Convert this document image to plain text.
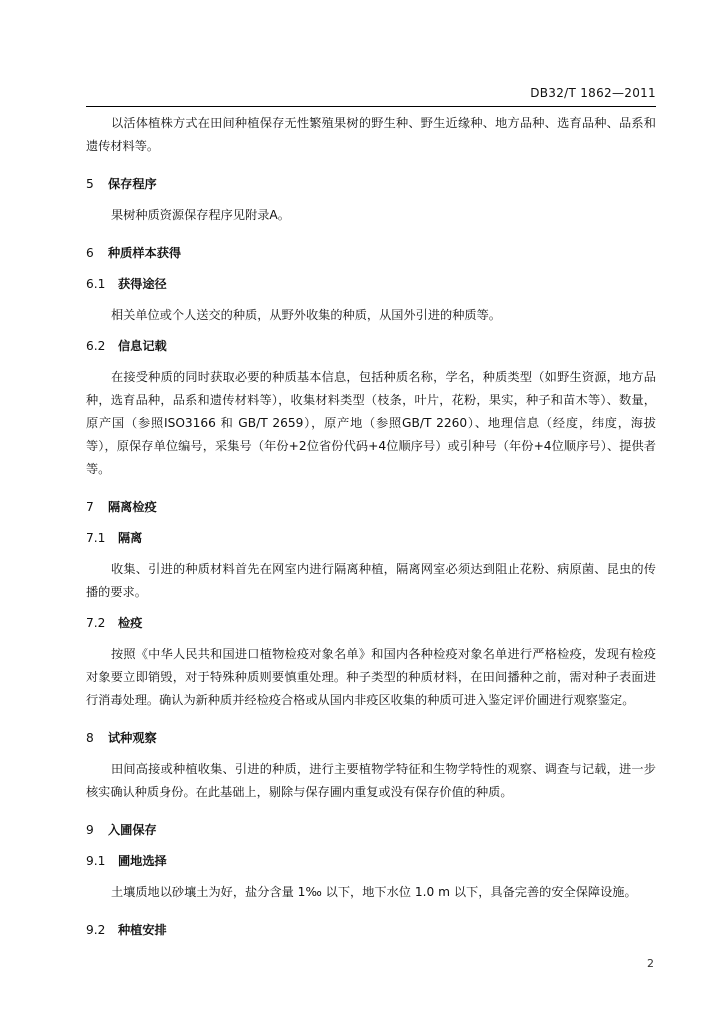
DB32/T 1862—2011

以活体植株方式在田间种植保存无性繁殖果树的野生种、野生近缘种、地方品种、选育品种、品系和遗传材料等。

5 保存程序

果树种质资源保存程序见附录A。

6 种质样本获得
6.1 获得途径

相关单位或个人送交的种质，从野外收集的种质，从国外引进的种质等。

6.2 信息记载

在接受种质的同时获取必要的种质基本信息，包括种质名称，学名，种质类型（如野生资源，地方品种，选育品种，品系和遗传材料等），收集材料类型（枝条，叶片，花粉，果实，种子和苗木等）、数量，原产国（参照ISO3166 和 GB/T 2659），原产地（参照GB/T 2260）、地理信息（经度，纬度，海拔等），原保存单位编号，采集号（年份+2位省份代码+4位顺序号）或引种号（年份+4位顺序号）、提供者等。

7 隔离检疫
7.1 隔离

收集、引进的种质材料首先在网室内进行隔离种植，隔离网室必须达到阻止花粉、病原菌、昆虫的传播的要求。

7.2 检疫

按照《中华人民共和国进口植物检疫对象名单》和国内各种检疫对象名单进行严格检疫，发现有检疫对象要立即销毁，对于特殊种质则要慎重处理。种子类型的种质材料，在田间播种之前，需对种子表面进行消毒处理。确认为新种质并经检疫合格或从国内非疫区收集的种质可进入鉴定评价圃进行观察鉴定。

8 试种观察

田间高接或种植收集、引进的种质，进行主要植物学特征和生物学特性的观察、调查与记载，进一步核实确认种质身份。在此基础上，剔除与保存圃内重复或没有保存价值的种质。

9 入圃保存
9.1 圃地选择

土壤质地以砂壤土为好，盐分含量 1‰ 以下，地下水位 1.0 m 以下，具备完善的安全保障设施。

9.2 种植安排
2
